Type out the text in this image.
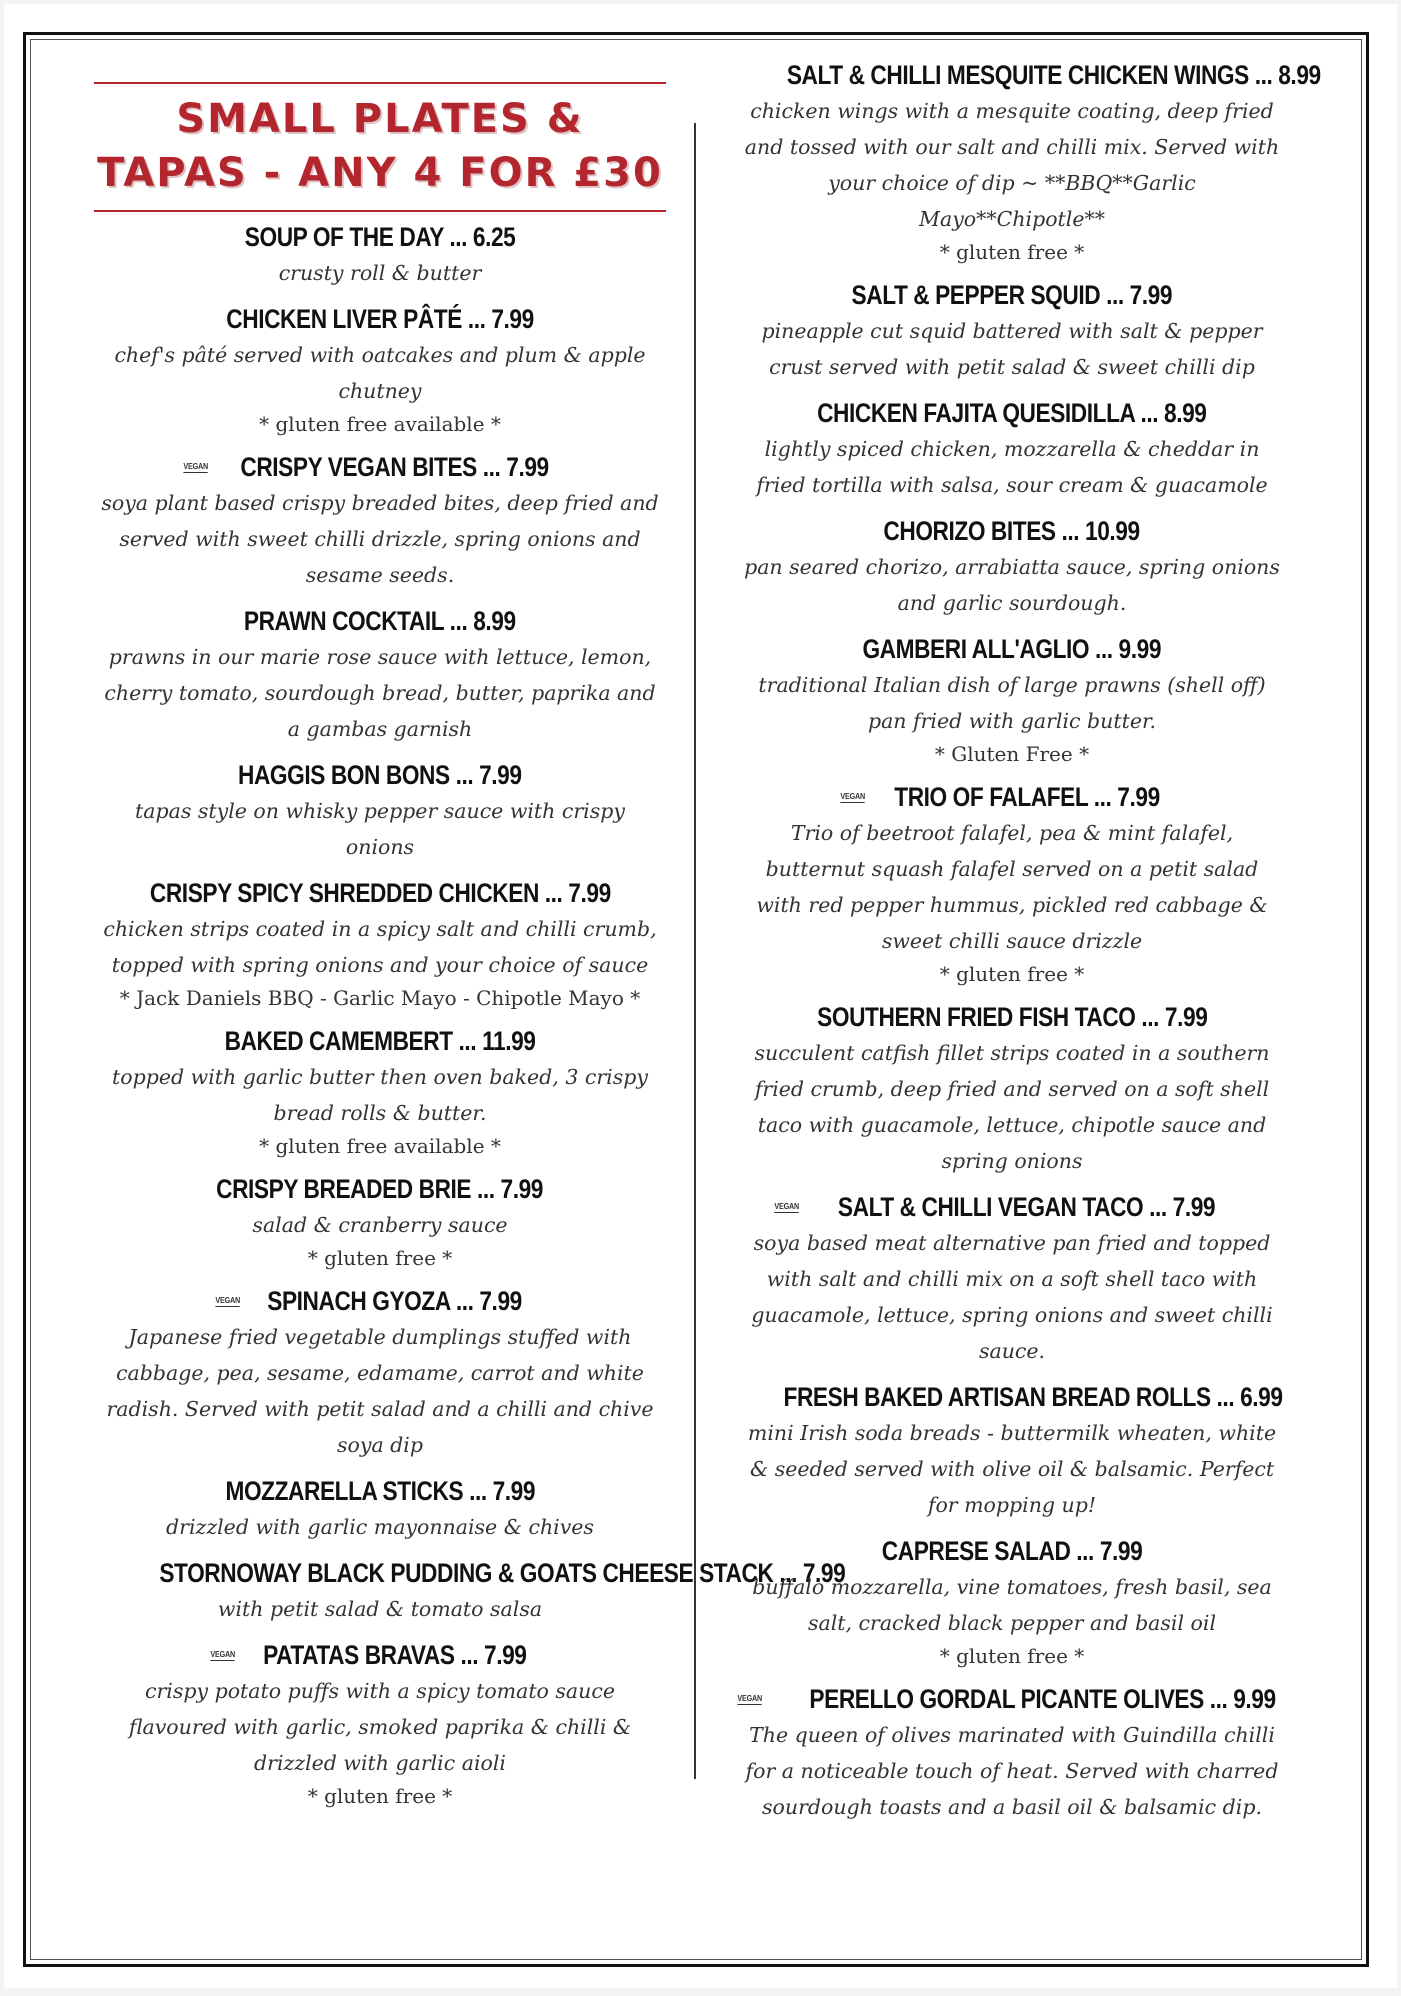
SMALL PLATES & TAPAS - ANY 4 FOR £30
SOUP OF THE DAY ... 6.25
crusty roll & butter
CHICKEN LIVER PÂTÉ ... 7.99
chef's pâté served with oatcakes and plum & apple chutney
* gluten free available *
VEGAN CRISPY VEGAN BITES ... 7.99
soya plant based crispy breaded bites, deep fried and served with sweet chilli drizzle, spring onions and sesame seeds.
PRAWN COCKTAIL ... 8.99
prawns in our marie rose sauce with lettuce, lemon, cherry tomato, sourdough bread, butter, paprika and a gambas garnish
HAGGIS BON BONS ... 7.99
tapas style on whisky pepper sauce with crispy onions
CRISPY SPICY SHREDDED CHICKEN ... 7.99
chicken strips coated in a spicy salt and chilli crumb, topped with spring onions and your choice of sauce
* Jack Daniels BBQ - Garlic Mayo - Chipotle Mayo *
BAKED CAMEMBERT ... 11.99
topped with garlic butter then oven baked, 3 crispy bread rolls & butter.
* gluten free available *
CRISPY BREADED BRIE ... 7.99
salad & cranberry sauce
* gluten free *
VEGAN SPINACH GYOZA ... 7.99
Japanese fried vegetable dumplings stuffed with cabbage, pea, sesame, edamame, carrot and white radish. Served with petit salad and a chilli and chive soya dip
MOZZARELLA STICKS ... 7.99
drizzled with garlic mayonnaise & chives
STORNOWAY BLACK PUDDING & GOATS CHEESE STACK ... 7.99
with petit salad & tomato salsa
VEGAN PATATAS BRAVAS ... 7.99
crispy potato puffs with a spicy tomato sauce flavoured with garlic, smoked paprika & chilli & drizzled with garlic aioli
* gluten free *
SALT & CHILLI MESQUITE CHICKEN WINGS ... 8.99
chicken wings with a mesquite coating, deep fried and tossed with our salt and chilli mix. Served with your choice of dip ~ **BBQ**Garlic Mayo**Chipotle**
* gluten free *
SALT & PEPPER SQUID ... 7.99
pineapple cut squid battered with salt & pepper crust served with petit salad & sweet chilli dip
CHICKEN FAJITA QUESIDILLA ... 8.99
lightly spiced chicken, mozzarella & cheddar in fried tortilla with salsa, sour cream & guacamole
CHORIZO BITES ... 10.99
pan seared chorizo, arrabiatta sauce, spring onions and garlic sourdough.
GAMBERI ALL'AGLIO ... 9.99
traditional Italian dish of large prawns (shell off) pan fried with garlic butter.
* Gluten Free *
VEGAN TRIO OF FALAFEL ... 7.99
Trio of beetroot falafel, pea & mint falafel, butternut squash falafel served on a petit salad with red pepper hummus, pickled red cabbage & sweet chilli sauce drizzle
* gluten free *
SOUTHERN FRIED FISH TACO ... 7.99
succulent catfish fillet strips coated in a southern fried crumb, deep fried and served on a soft shell taco with guacamole, lettuce, chipotle sauce and spring onions
VEGAN SALT & CHILLI VEGAN TACO ... 7.99
soya based meat alternative pan fried and topped with salt and chilli mix on a soft shell taco with guacamole, lettuce, spring onions and sweet chilli sauce.
FRESH BAKED ARTISAN BREAD ROLLS ... 6.99
mini Irish soda breads - buttermilk wheaten, white & seeded served with olive oil & balsamic. Perfect for mopping up!
CAPRESE SALAD ... 7.99
buffalo mozzarella, vine tomatoes, fresh basil, sea salt, cracked black pepper and basil oil
* gluten free *
VEGAN PERELLO GORDAL PICANTE OLIVES ... 9.99
The queen of olives marinated with Guindilla chilli for a noticeable touch of heat. Served with charred sourdough toasts and a basil oil & balsamic dip.
